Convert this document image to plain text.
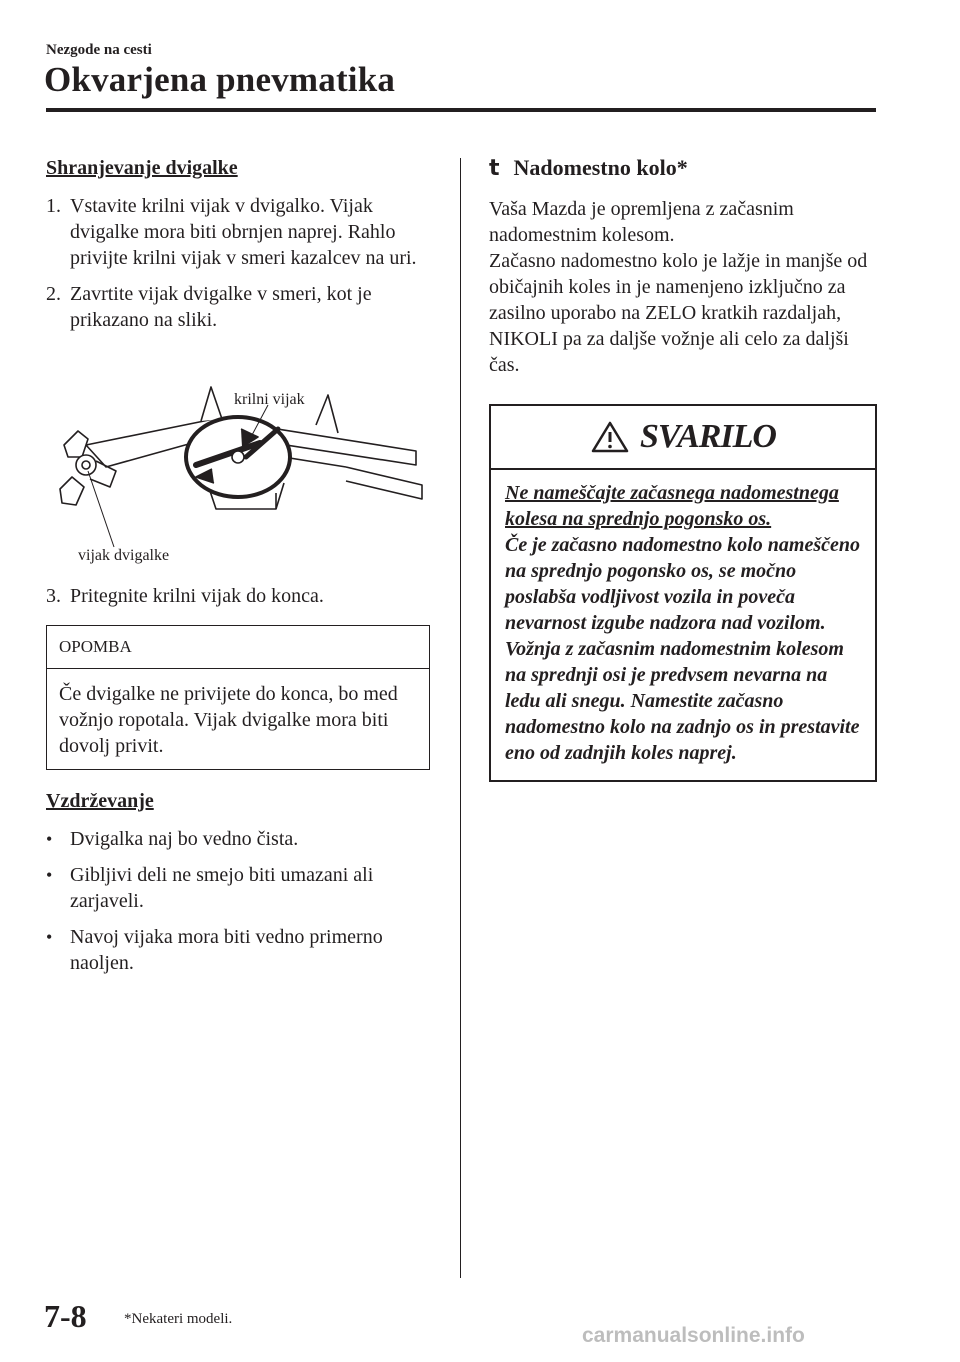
Nezgode na cesti
Okvarjena pnevmatika
Shranjevanje dvigalke
1. Vstavite krilni vijak v dvigalko. Vijak dvigalke mora biti obrnjen naprej. Rahlo privijte krilni vijak v smeri kazalcev na uri.
2. Zavrtite vijak dvigalke v smeri, kot je prikazano na sliki.
krilni vijak
vijak dvigalke
3. Pritegnite krilni vijak do konca.
OPOMBA
Če dvigalke ne privijete do konca, bo med vožnjo ropotala. Vijak dvigalke mora biti dovolj privit.
Vzdrževanje
• Dvigalka naj bo vedno čista.
• Gibljivi deli ne smejo biti umazani ali zarjaveli.
• Navoj vijaka mora biti vedno primerno naoljen.
t Nadomestno kolo*
Vaša Mazda je opremljena z začasnim nadomestnim kolesom.
Začasno nadomestno kolo je lažje in manjše od običajnih koles in je namenjeno izključno za zasilno uporabo na ZELO kratkih razdaljah, NIKOLI pa za daljše vožnje ali celo za daljši čas.
SVARILO
Ne nameščajte začasnega nadomestnega kolesa na sprednjo pogonsko os.
Če je začasno nadomestno kolo nameščeno na sprednjo pogonsko os, se močno poslabša vodljivost vozila in poveča nevarnost izgube nadzora nad vozilom. Vožnja z začasnim nadomestnim kolesom na sprednji osi je predvsem nevarna na ledu ali snegu. Namestite začasno nadomestno kolo na zadnjo os in prestavite eno od zadnjih koles naprej.
7-8 *Nekateri modeli.
carmanualsonline.info
